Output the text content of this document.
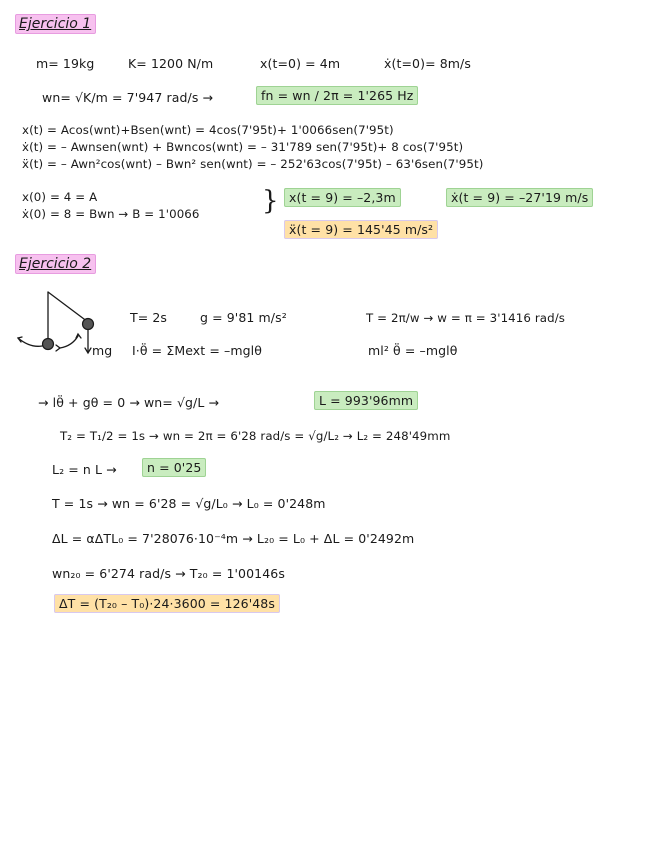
Ejercicio 1
m= 19kg	K= 1200 N/m	x(t=0) = 4m	ẋ(t=0)= 8m/s
wn= √K/m = 7'947 rad/s →	fn = wn / 2π = 1'265 Hz
x(t) = Acos(wnt)+Bsen(wnt) = 4cos(7'95t)+ 1'0066sen(7'95t)
ẋ(t) = – Awnsen(wnt) + Bwncos(wnt) = – 31'789 sen(7'95t)+ 8 cos(7'95t)
ẍ(t) = – Awn²cos(wnt) – Bwn² sen(wnt) = – 252'63cos(7'95t) – 63'6sen(7'95t)
x(0) = 4 = A
ẋ(0) = 8 = Bwn → B = 1'0066 } x(t = 9) = –2,3m	ẋ(t = 9) = –27'19 m/s
ẍ(t = 9) = 145'45 m/s²
Ejercicio 2
mg
T= 2s	g = 9'81 m/s²	T = 2π/w → w = π = 3'1416 rad/s
I·θ̈ = ΣMext = –mglθ	ml² θ̈ = –mglθ
→ lθ̈ + gθ = 0 → wn= √g/L →	L = 993'96mm
T₂ = T₁/2 = 1s → wn = 2π = 6'28 rad/s = √g/L₂ → L₂ = 248'49mm
L₂ = n L →	n = 0'25
T = 1s → wn = 6'28 = √g/L₀ → L₀ = 0'248m
ΔL = αΔTL₀ = 7'28076·10⁻⁴m → L₂₀ = L₀ + ΔL = 0'2492m
wn₂₀ = 6'274 rad/s → T₂₀ = 1'00146s
ΔT = (T₂₀ – T₀)·24·3600 = 126'48s
